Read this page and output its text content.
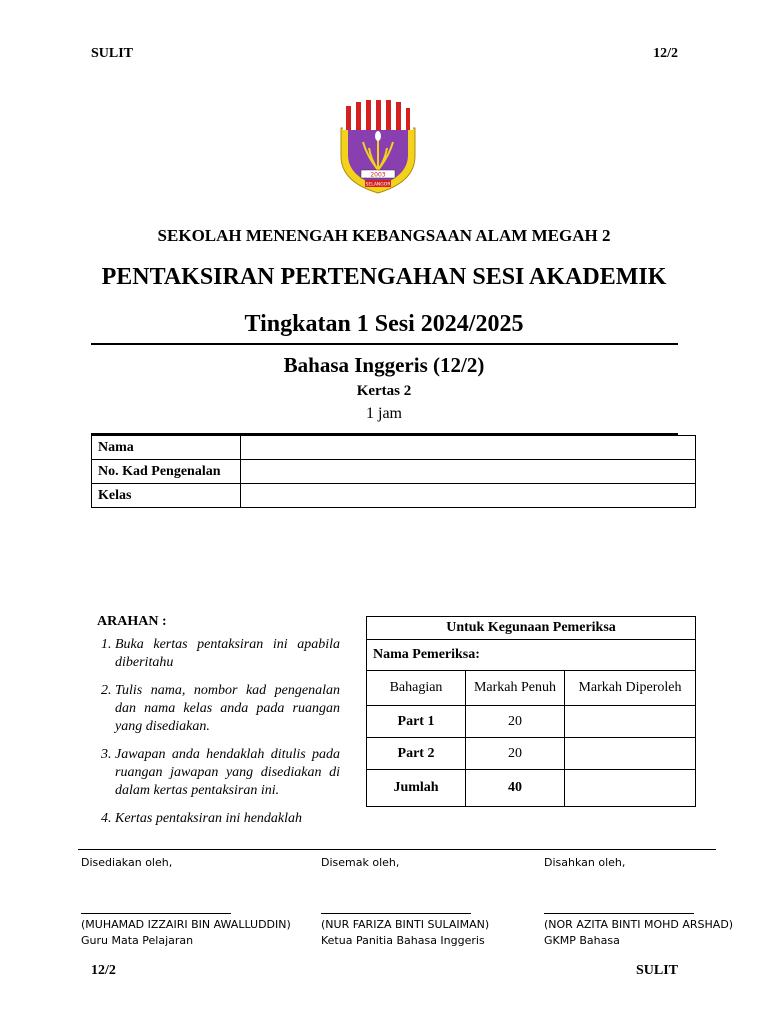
SULIT	12/2
2003
SELANGOR
SEKOLAH MENENGAH KEBANGSAAN ALAM MEGAH 2
PENTAKSIRAN PERTENGAHAN SESI AKADEMIK
Tingkatan 1 Sesi 2024/2025
Bahasa Inggeris (12/2)
Kertas 2
1 jam
Nama	
No. Kad Pengenalan	
Kelas	
ARAHAN :
1. Buka kertas pentaksiran ini apabila diberitahu
2. Tulis nama, nombor kad pengenalan dan nama kelas anda pada ruangan yang disediakan.
3. Jawapan anda hendaklah ditulis pada ruangan jawapan yang disediakan di dalam kertas pentaksiran ini.
4. Kertas pentaksiran ini hendaklah
Untuk Kegunaan Pemeriksa		
Nama Pemeriksa:		
Bahagian	Markah Penuh	Markah Diperoleh
Part 1	20	
Part 2	20	
Jumlah	40	
Disediakan oleh,	Disemak oleh,	Disahkan oleh,
(MUHAMAD IZZAIRI BIN AWALLUDDIN)	(NUR FARIZA BINTI SULAIMAN)	(NOR AZITA BINTI MOHD ARSHAD)
Guru Mata Pelajaran	Ketua Panitia Bahasa Inggeris	GKMP Bahasa
12/2	SULIT
